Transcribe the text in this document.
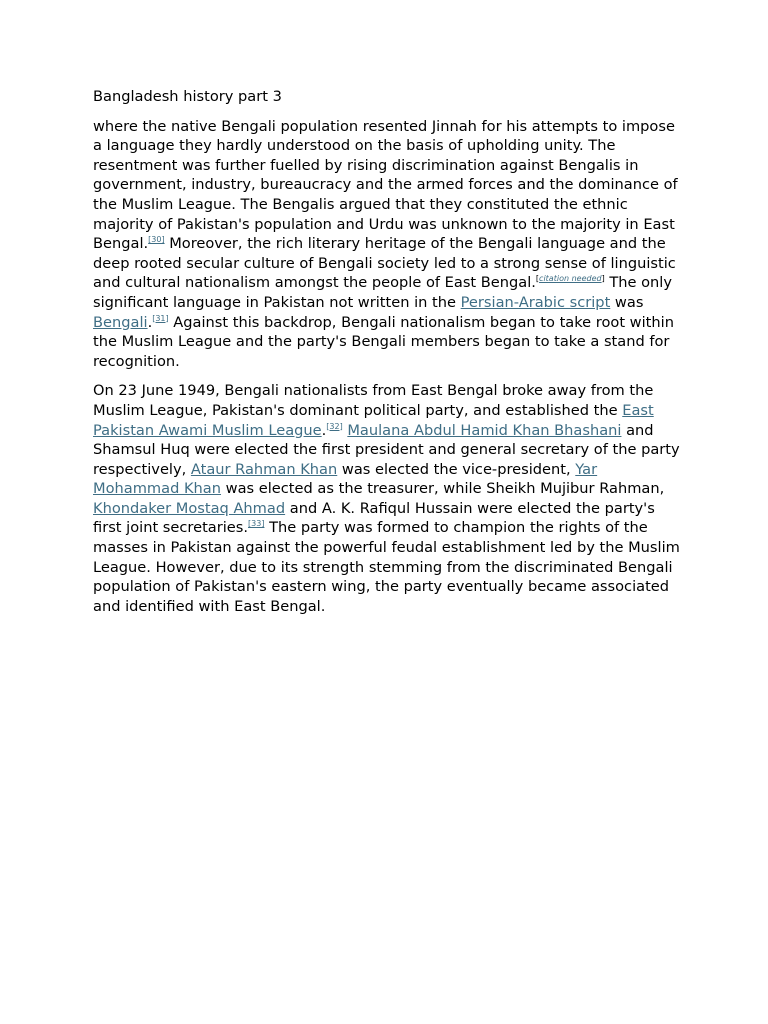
Bangladesh history part 3

where the native Bengali population resented Jinnah for his attempts to impose a language they hardly understood on the basis of upholding unity. The resentment was further fuelled by rising discrimination against Bengalis in government, industry, bureaucracy and the armed forces and the dominance of the Muslim League. The Bengalis argued that they constituted the ethnic majority of Pakistan's population and Urdu was unknown to the majority in East Bengal.[30] Moreover, the rich literary heritage of the Bengali language and the deep rooted secular culture of Bengali society led to a strong sense of linguistic and cultural nationalism amongst the people of East Bengal.[citation needed] The only significant language in Pakistan not written in the Persian-Arabic script was Bengali.[31] Against this backdrop, Bengali nationalism began to take root within the Muslim League and the party's Bengali members began to take a stand for recognition.

On 23 June 1949, Bengali nationalists from East Bengal broke away from the Muslim League, Pakistan's dominant political party, and established the East Pakistan Awami Muslim League.[32] Maulana Abdul Hamid Khan Bhashani and Shamsul Huq were elected the first president and general secretary of the party respectively, Ataur Rahman Khan was elected the vice-president, Yar Mohammad Khan was elected as the treasurer, while Sheikh Mujibur Rahman, Khondaker Mostaq Ahmad and A. K. Rafiqul Hussain were elected the party's first joint secretaries.[33] The party was formed to champion the rights of the masses in Pakistan against the powerful feudal establishment led by the Muslim League. However, due to its strength stemming from the discriminated Bengali population of Pakistan's eastern wing, the party eventually became associated and identified with East Bengal.
